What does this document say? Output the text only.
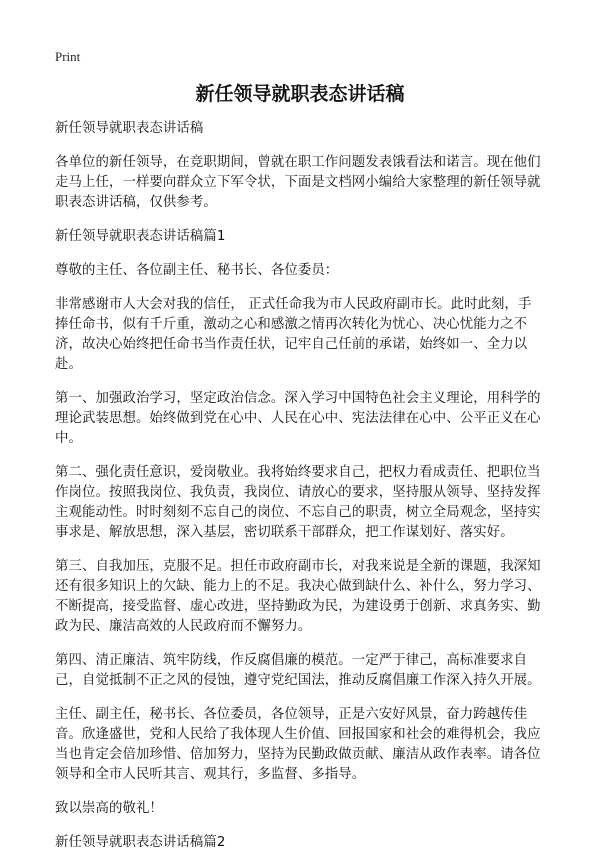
Print
新任领导就职表态讲话稿

新任领导就职表态讲话稿

各单位的新任领导，在竞职期间，曾就在职工作问题发表饿看法和诺言。现在他们走马上任，一样要向群众立下军令状，下面是文档网小编给大家整理的新任领导就职表态讲话稿，仅供参考。

新任领导就职表态讲话稿篇1

尊敬的主任、各位副主任、秘书长、各位委员：

非常感谢市人大会对我的信任， 正式任命我为市人民政府副市长。此时此刻，手捧任命书，似有千斤重，激动之心和感激之情再次转化为忧心、决心忧能力之不济，故决心始终把任命书当作责任状，记牢自己任前的承诺，始终如一、全力以赴。

第一、加强政治学习，坚定政治信念。深入学习中国特色社会主义理论，用科学的理论武装思想。始终做到党在心中、人民在心中、宪法法律在心中、公平正义在心中。

第二、强化责任意识，爱岗敬业。我将始终要求自己，把权力看成责任、把职位当作岗位。按照我岗位、我负责，我岗位、请放心的要求，坚持服从领导、坚持发挥主观能动性。时时刻刻不忘自己的岗位、不忘自己的职责，树立全局观念，坚持实事求是、解放思想，深入基层，密切联系干部群众，把工作谋划好、落实好。

第三、自我加压，克服不足。担任市政府副市长，对我来说是全新的课题，我深知还有很多知识上的欠缺、能力上的不足。我决心做到缺什么、补什么，努力学习、不断提高，接受监督、虚心改进，坚持勤政为民，为建设勇于创新、求真务实、勤政为民、廉洁高效的人民政府而不懈努力。

第四、清正廉洁、筑牢防线，作反腐倡廉的模范。一定严于律己，高标准要求自己，自觉抵制不正之风的侵蚀，遵守党纪国法，推动反腐倡廉工作深入持久开展。

主任、副主任，秘书长、各位委员，各位领导，正是六安好风景，奋力跨越传佳音。欣逢盛世，党和人民给了我体现人生价值、回报国家和社会的难得机会，我应当也肯定会倍加珍惜、倍加努力，坚持为民勤政做贡献、廉洁从政作表率。请各位领导和全市人民听其言、观其行，多监督、多指导。

致以崇高的敬礼！

新任领导就职表态讲话稿篇2
